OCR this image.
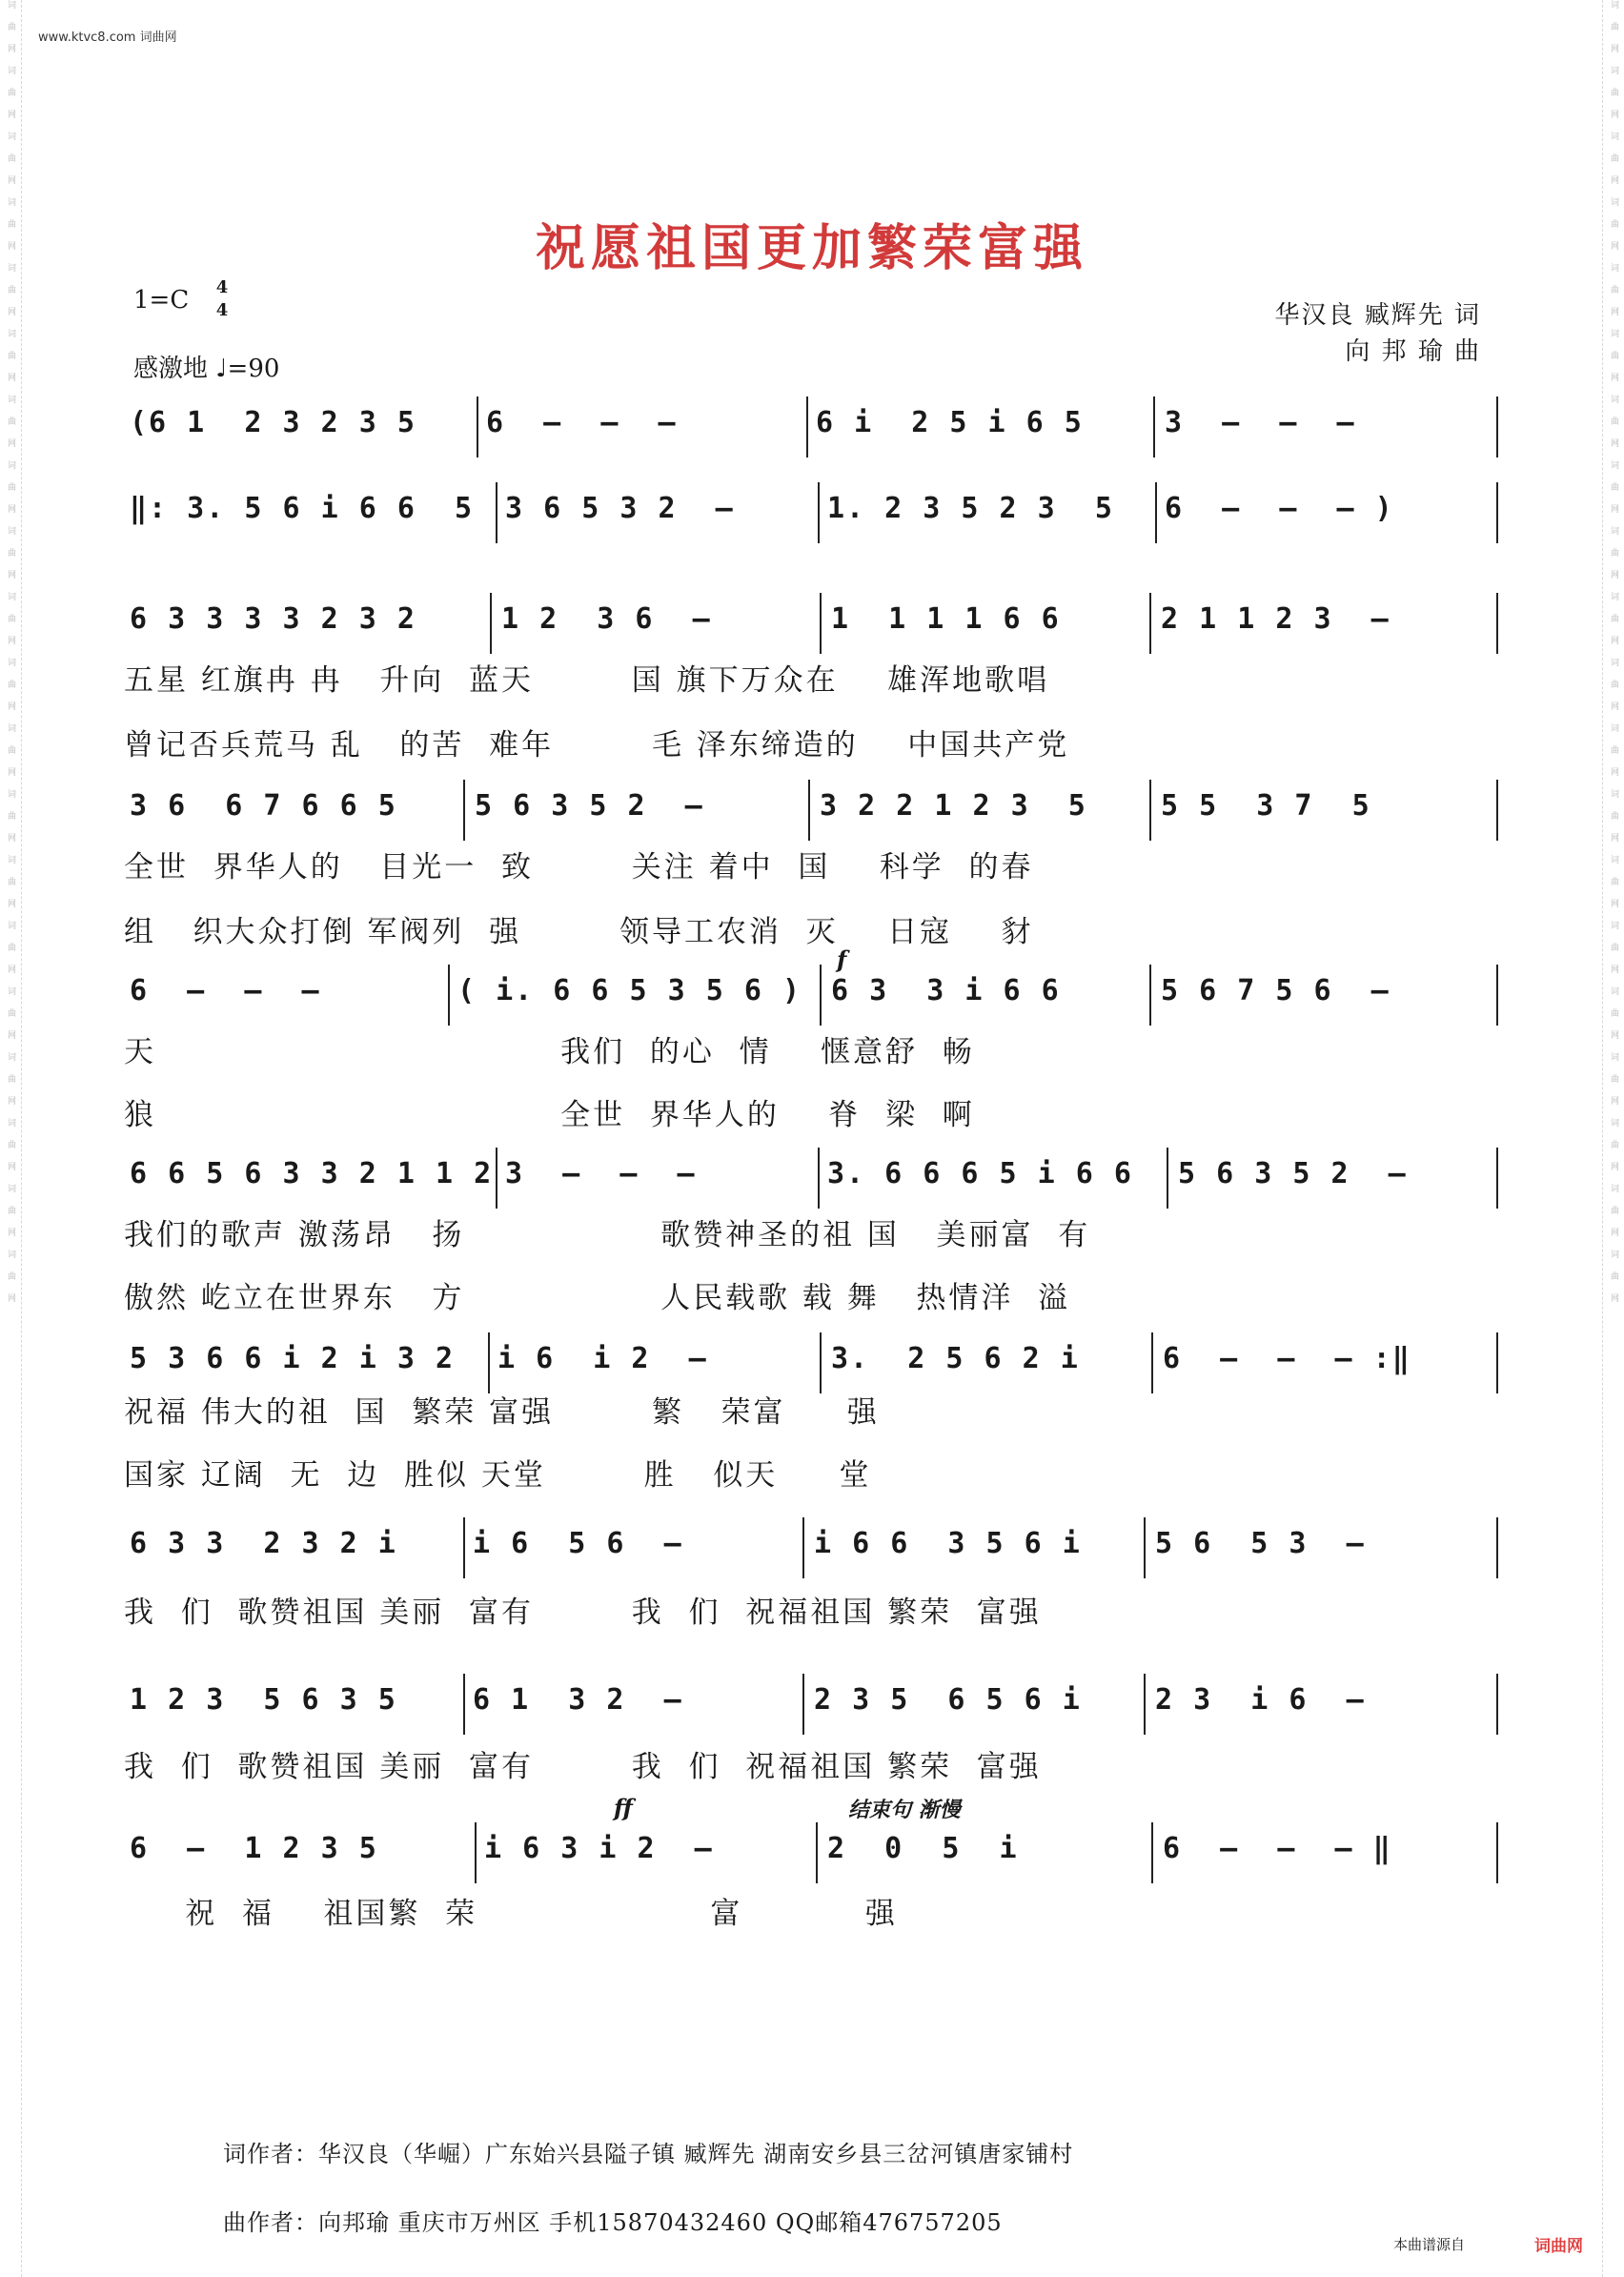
词曲网词曲网词曲网词曲网词曲网词曲网词曲网词曲网词曲网词曲网词曲网词曲网词曲网词曲网词曲网词曲网词曲网词曲网词曲网词曲网	词曲网词曲网词曲网词曲网词曲网词曲网词曲网词曲网词曲网词曲网词曲网词曲网词曲网词曲网词曲网词曲网词曲网词曲网词曲网词曲网
www.ktvc8.com 词曲网
祝愿祖国更加繁荣富强
1=C 4
4
感激地 ♩=90
华汉良 臧辉先 词
向 邦 瑜 曲
(6 1  2 3 2 3 5 6  –  –  –	6 i  2 5 i 6 5	3  –  –  –
‖: 3. 5 6 i 6 6  5 3 6 5 3 2  –	1. 2 3 5 2 3  5 6  –  –  – )
6 3 3 3 3 2 3 2	1 2  3 6  –	1  1 1 1 6 6	2 1 1 2 3  –
五星 红旗冉 冉   升向  蓝天        国 旗下万众在    雄浑地歌唱
曾记否兵荒马 乱   的苦  难年        毛 泽东缔造的    中国共产党
3 6  6 7 6 6 5	5 6 3 5 2  –	3 2 2 1 2 3  5	5 5  3 7  5
全世  界华人的   目光一  致        关注 着中  国    科学  的春
组   织大众打倒 军阀列  强        领导工农消  灭    日寇    豺
f
6  –  –  –	( i. 6 6 5 3 5 6 ) 6 3  3 i 6 6	5 6 7 5 6  –
天                                 我们  的心  情    惬意舒  畅
狼                                 全世  界华人的    脊  梁  啊
6 6 5 6 3 3 2 1 1 2 3  –  –  –	3. 6 6 6 5 i 6 6 5 6 3 5 2  –
我们的歌声 激荡昂   扬                歌赞神圣的祖 国   美丽富  有
傲然 屹立在世界东   方                人民载歌 载 舞   热情洋  溢
5 3 6 6 i 2 i 3 2 i 6  i 2  –	3.  2 5 6 2 i	6  –  –  – :‖
祝福 伟大的祖  国  繁荣 富强        繁   荣富     强
国家 辽阔  无  边  胜似 天堂        胜   似天     堂
6 3 3  2 3 2 i	i 6  5 6  –	i 6 6  3 5 6 i	5 6  5 3  –
我  们  歌赞祖国 美丽  富有        我  们  祝福祖国 繁荣  富强
1 2 3  5 6 3 5	6 1  3 2  –	2 3 5  6 5 6 i	2 3  i 6  –
我  们  歌赞祖国 美丽  富有        我  们  祝福祖国 繁荣  富强
ff	结束句 渐慢
6  –  1 2 3 5	i 6 3 i 2  –	2  0  5  i	6  –  –  – ‖
祝  福    祖国繁  荣                   富          强
词作者：华汉良（华崛）广东始兴县隘子镇 臧辉先 湖南安乡县三岔河镇唐家铺村
曲作者：向邦瑜 重庆市万州区 手机15870432460 QQ邮箱476757205
本曲谱源自	词曲网
